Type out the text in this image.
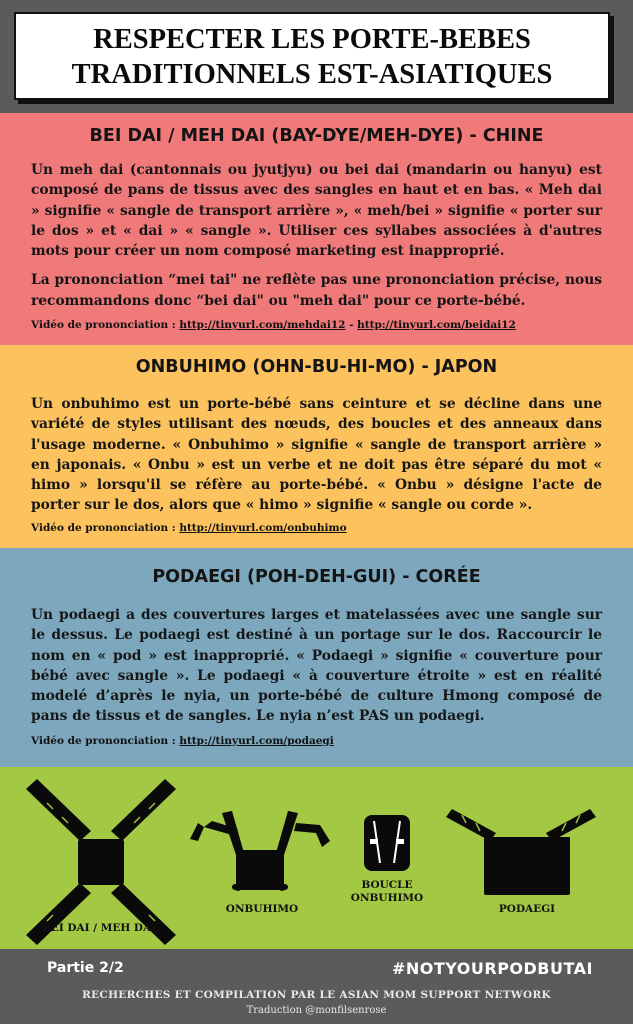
RESPECTER LES PORTE-BEBES
TRADITIONNELS EST-ASIATIQUES
BEI DAI / MEH DAI (BAY-DYE/MEH-DYE) - CHINE

Un meh dai (cantonnais ou jyutjyu) ou bei dai (mandarin ou hanyu) est composé de pans de tissus avec des sangles en haut et en bas. « Meh dai » signifie « sangle de transport arrière », « meh/bei » signifie « porter sur le dos » et « dai » « sangle ». Utiliser ces syllabes associées à d'autres mots pour créer un nom composé marketing est inapproprié.

La prononciation “mei tai" ne reflète pas une prononciation précise, nous recommandons donc “bei dai" ou "meh dai" pour ce porte-bébé.

Vidéo de prononciation : http://tinyurl.com/mehdai12 - http://tinyurl.com/beidai12
ONBUHIMO (OHN-BU-HI-MO) - JAPON

Un onbuhimo est un porte-bébé sans ceinture et se décline dans une variété de styles utilisant des nœuds, des boucles et des anneaux dans l'usage moderne. « Onbuhimo » signifie « sangle de transport arrière » en japonais. « Onbu » est un verbe et ne doit pas être séparé du mot « himo » lorsqu'il se réfère au porte-bébé. « Onbu » désigne l'acte de porter sur le dos, alors que « himo » signifie « sangle ou corde ».

Vidéo de prononciation : http://tinyurl.com/onbuhimo
PODAEGI (POH-DEH-GUI) - CORÉE

Un podaegi a des couvertures larges et matelassées avec une sangle sur le dessus. Le podaegi est destiné à un portage sur le dos. Raccourcir le nom en « pod » est inapproprié. « Podaegi » signifie « couverture pour bébé avec sangle ». Le podaegi « à couverture étroite » est en réalité modelé d’après le nyia, un porte-bébé de culture Hmong composé de pans de tissus et de sangles. Le nyia n’est PAS un podaegi.

Vidéo de prononciation : http://tinyurl.com/podaegi
BEI DAI / MEH DAI
ONBUHIMO
BOUCLE
ONBUHIMO
PODAEGI
Partie 2/2	#NOTYOURPODBUTAI
RECHERCHES ET COMPILATION PAR LE ASIAN MOM SUPPORT NETWORK
Traduction @monfilsenrose
